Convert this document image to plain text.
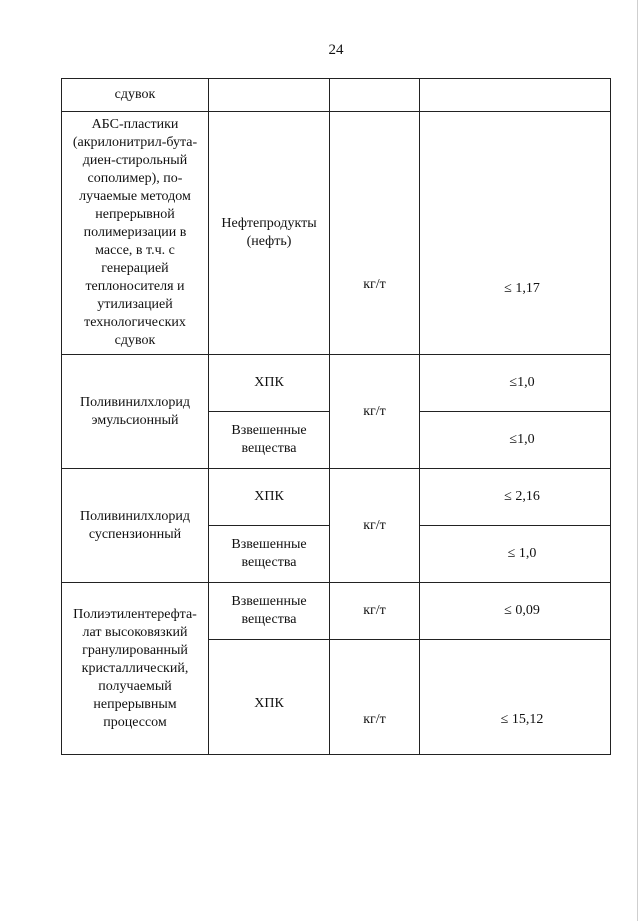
24
сдувок			
АБС-пластики (акрилонитрил-бута-диен-стирольный сополимер), по-лучаемые методом непрерывной полимеризации в массе, в т.ч. с генерацией теплоносителя и утилизацией технологических сдувок	Нефтепродукты (нефть)	кг/т	≤ 1,17
Поливинилхлорид эмульсионный	ХПК	кг/т	≤1,0
	Взвешенные вещества		≤1,0
Поливинилхлорид суспензионный	ХПК	кг/т	≤ 2,16
	Взвешенные вещества		≤ 1,0
Полиэтилентерефта-лат высоковязкий гранулированный кристаллический, получаемый непрерывным процессом	Взвешенные вещества	кг/т	≤ 0,09
	ХПК	кг/т	≤ 15,12
